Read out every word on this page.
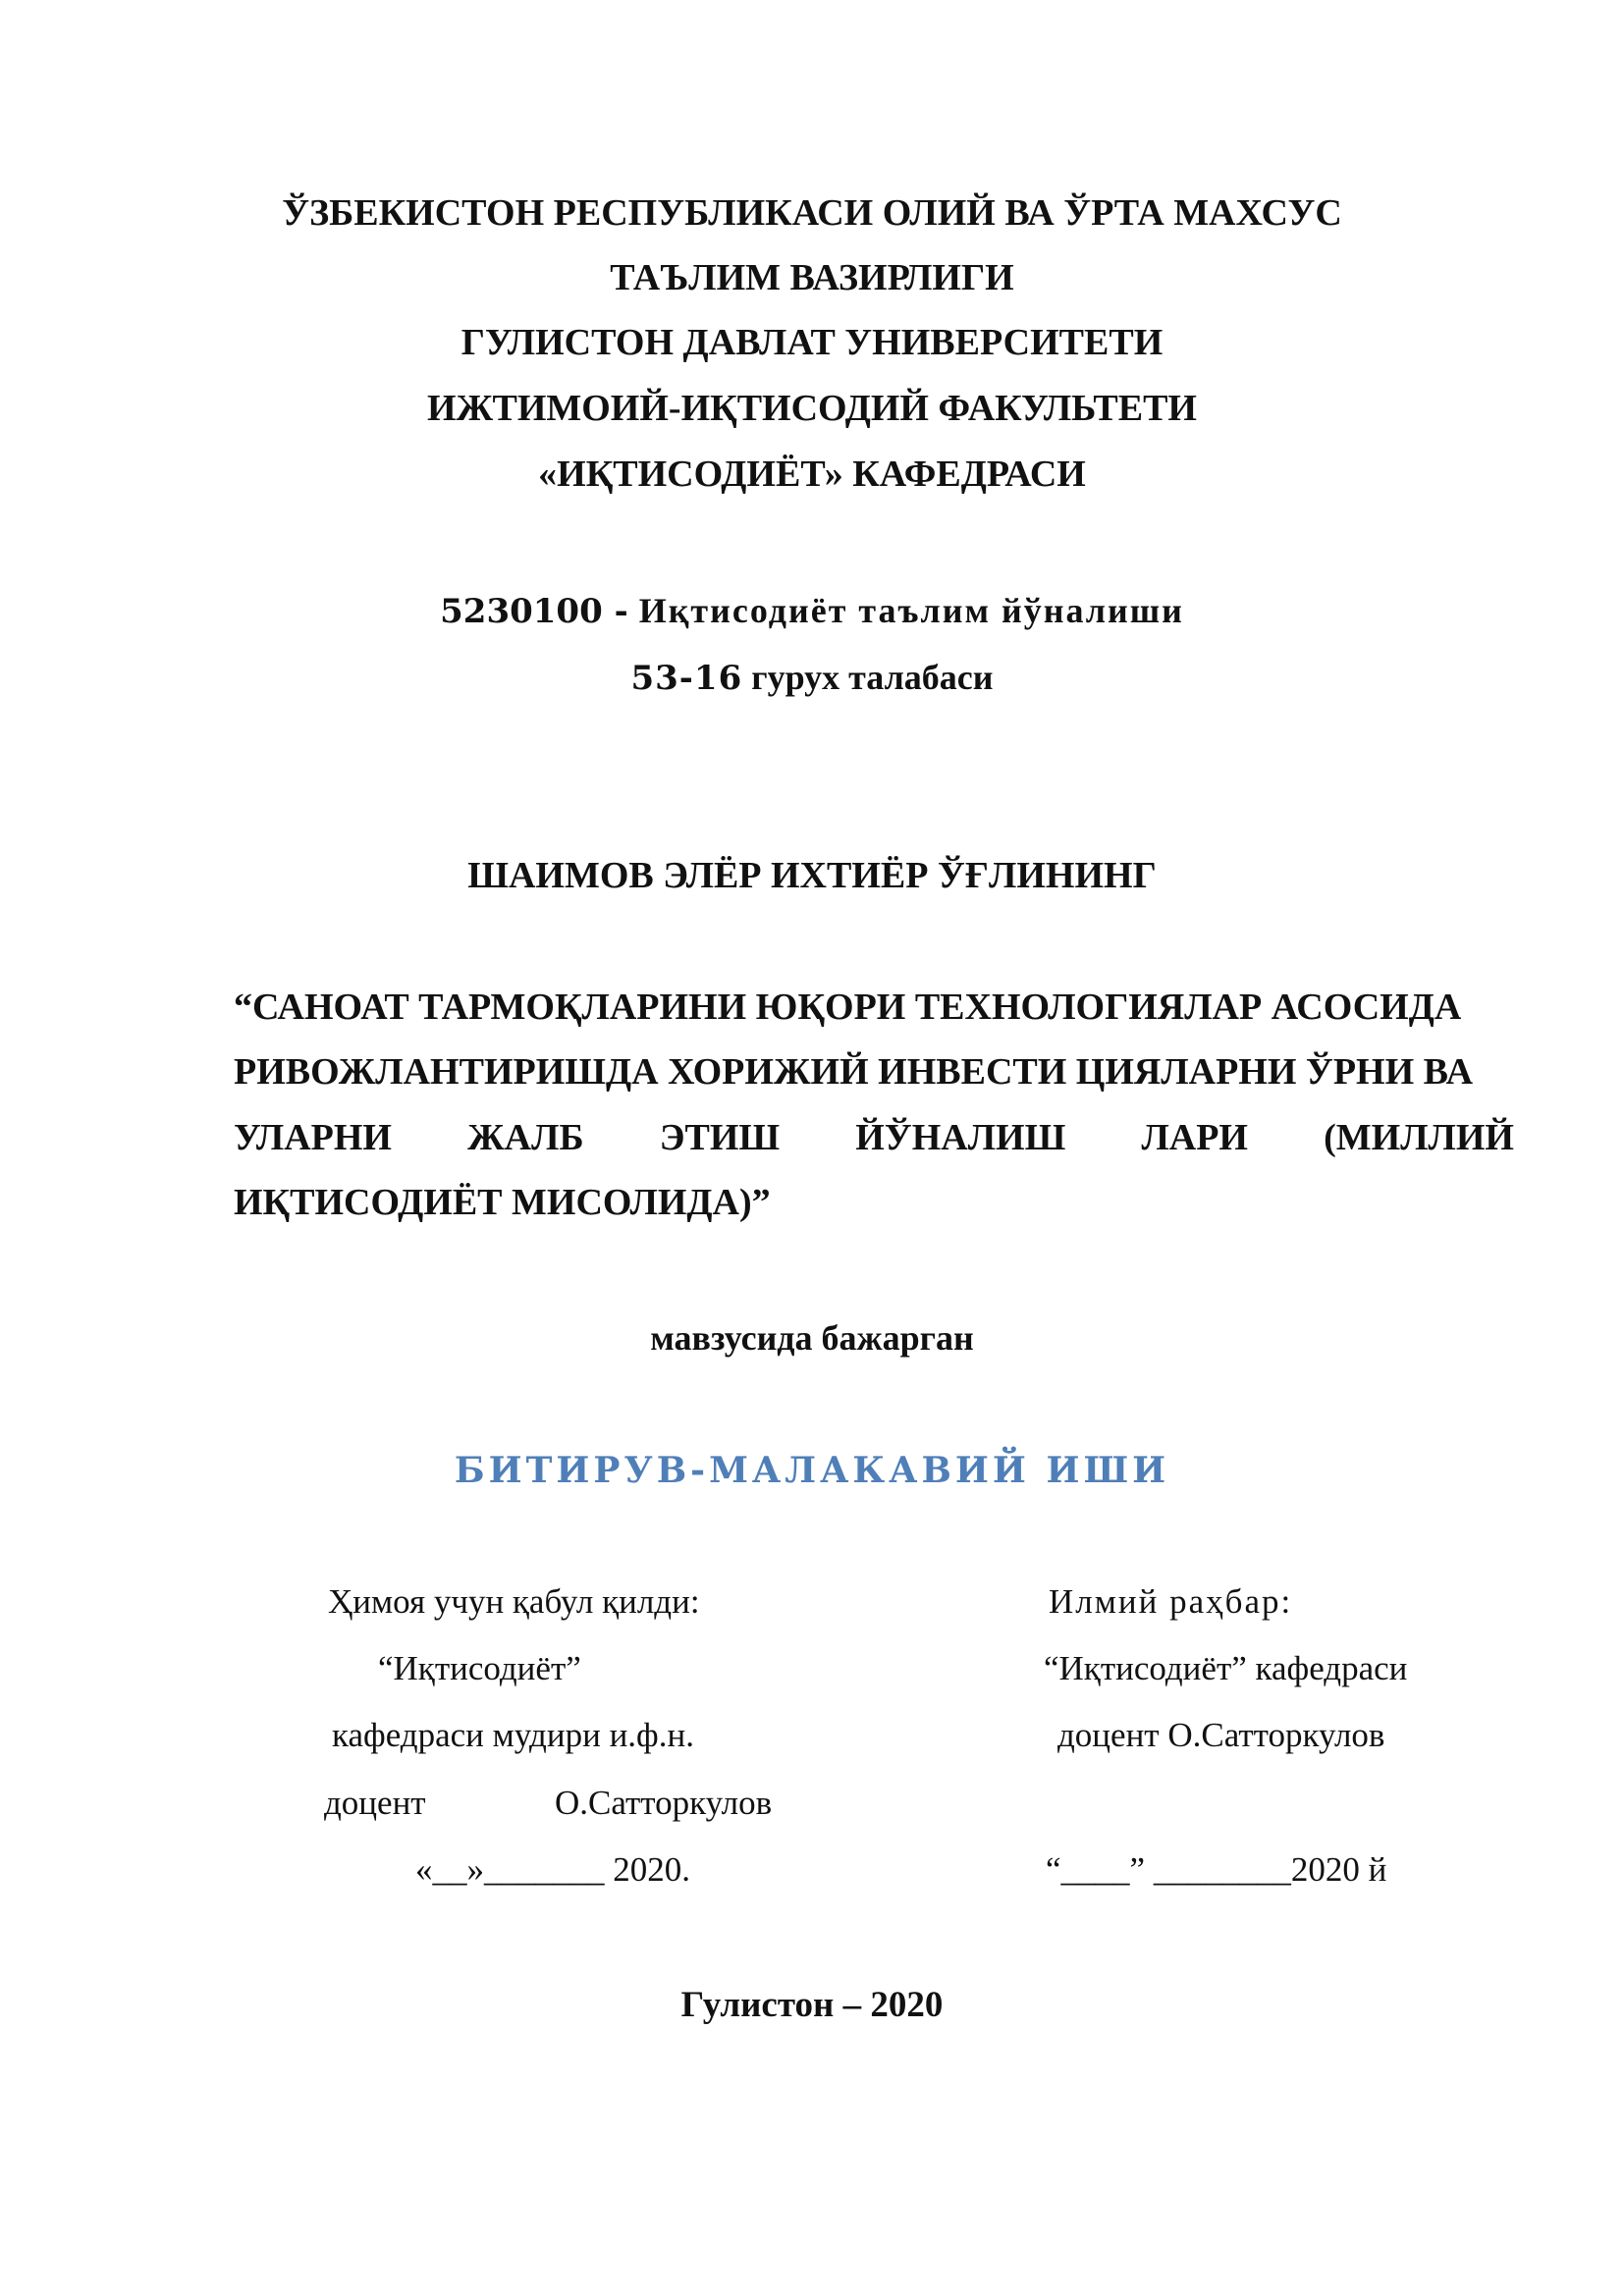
ЎЗБЕКИСТОН РЕСПУБЛИКАСИ ОЛИЙ ВА ЎРТА МАХСУС
ТАЪЛИМ ВАЗИРЛИГИ
ГУЛИСТОН ДАВЛАТ УНИВЕРСИТЕТИ
ИЖТИМОИЙ-ИҚТИСОДИЙ ФАКУЛЬТЕТИ
«ИҚТИСОДИЁТ» КАФЕДРАСИ
5230100 - Иқтисодиёт таълим йўналиши
53-16 гурух талабаси
ШАИМОВ ЭЛЁР ИХТИЁР ЎҒЛИНИНГ
“САНОАТ ТАРМОҚЛАРИНИ ЮҚОРИ ТЕХНОЛОГИЯЛАР АСОСИДА
РИВОЖЛАНТИРИШДА ХОРИЖИЙ ИНВЕСТИ ЦИЯЛАРНИ ЎРНИ ВА
УЛАРНИ ЖАЛБ ЭТИШ ЙЎНАЛИШ ЛАРИ (МИЛЛИЙ
ИҚТИСОДИЁТ МИСОЛИДА)”
мавзусида бажарган
БИТИРУВ-МАЛАКАВИЙ ИШИ
Ҳимоя учун қабул қилди:
“Иқтисодиёт”
кафедраси мудири и.ф.н.
доцент	О.Сатторкулов
«__»_______ 2020.
Илмий раҳбар:
“Иқтисодиёт” кафедраси
доцент О.Сатторкулов
“____” ________2020 й
Гулистон – 2020
